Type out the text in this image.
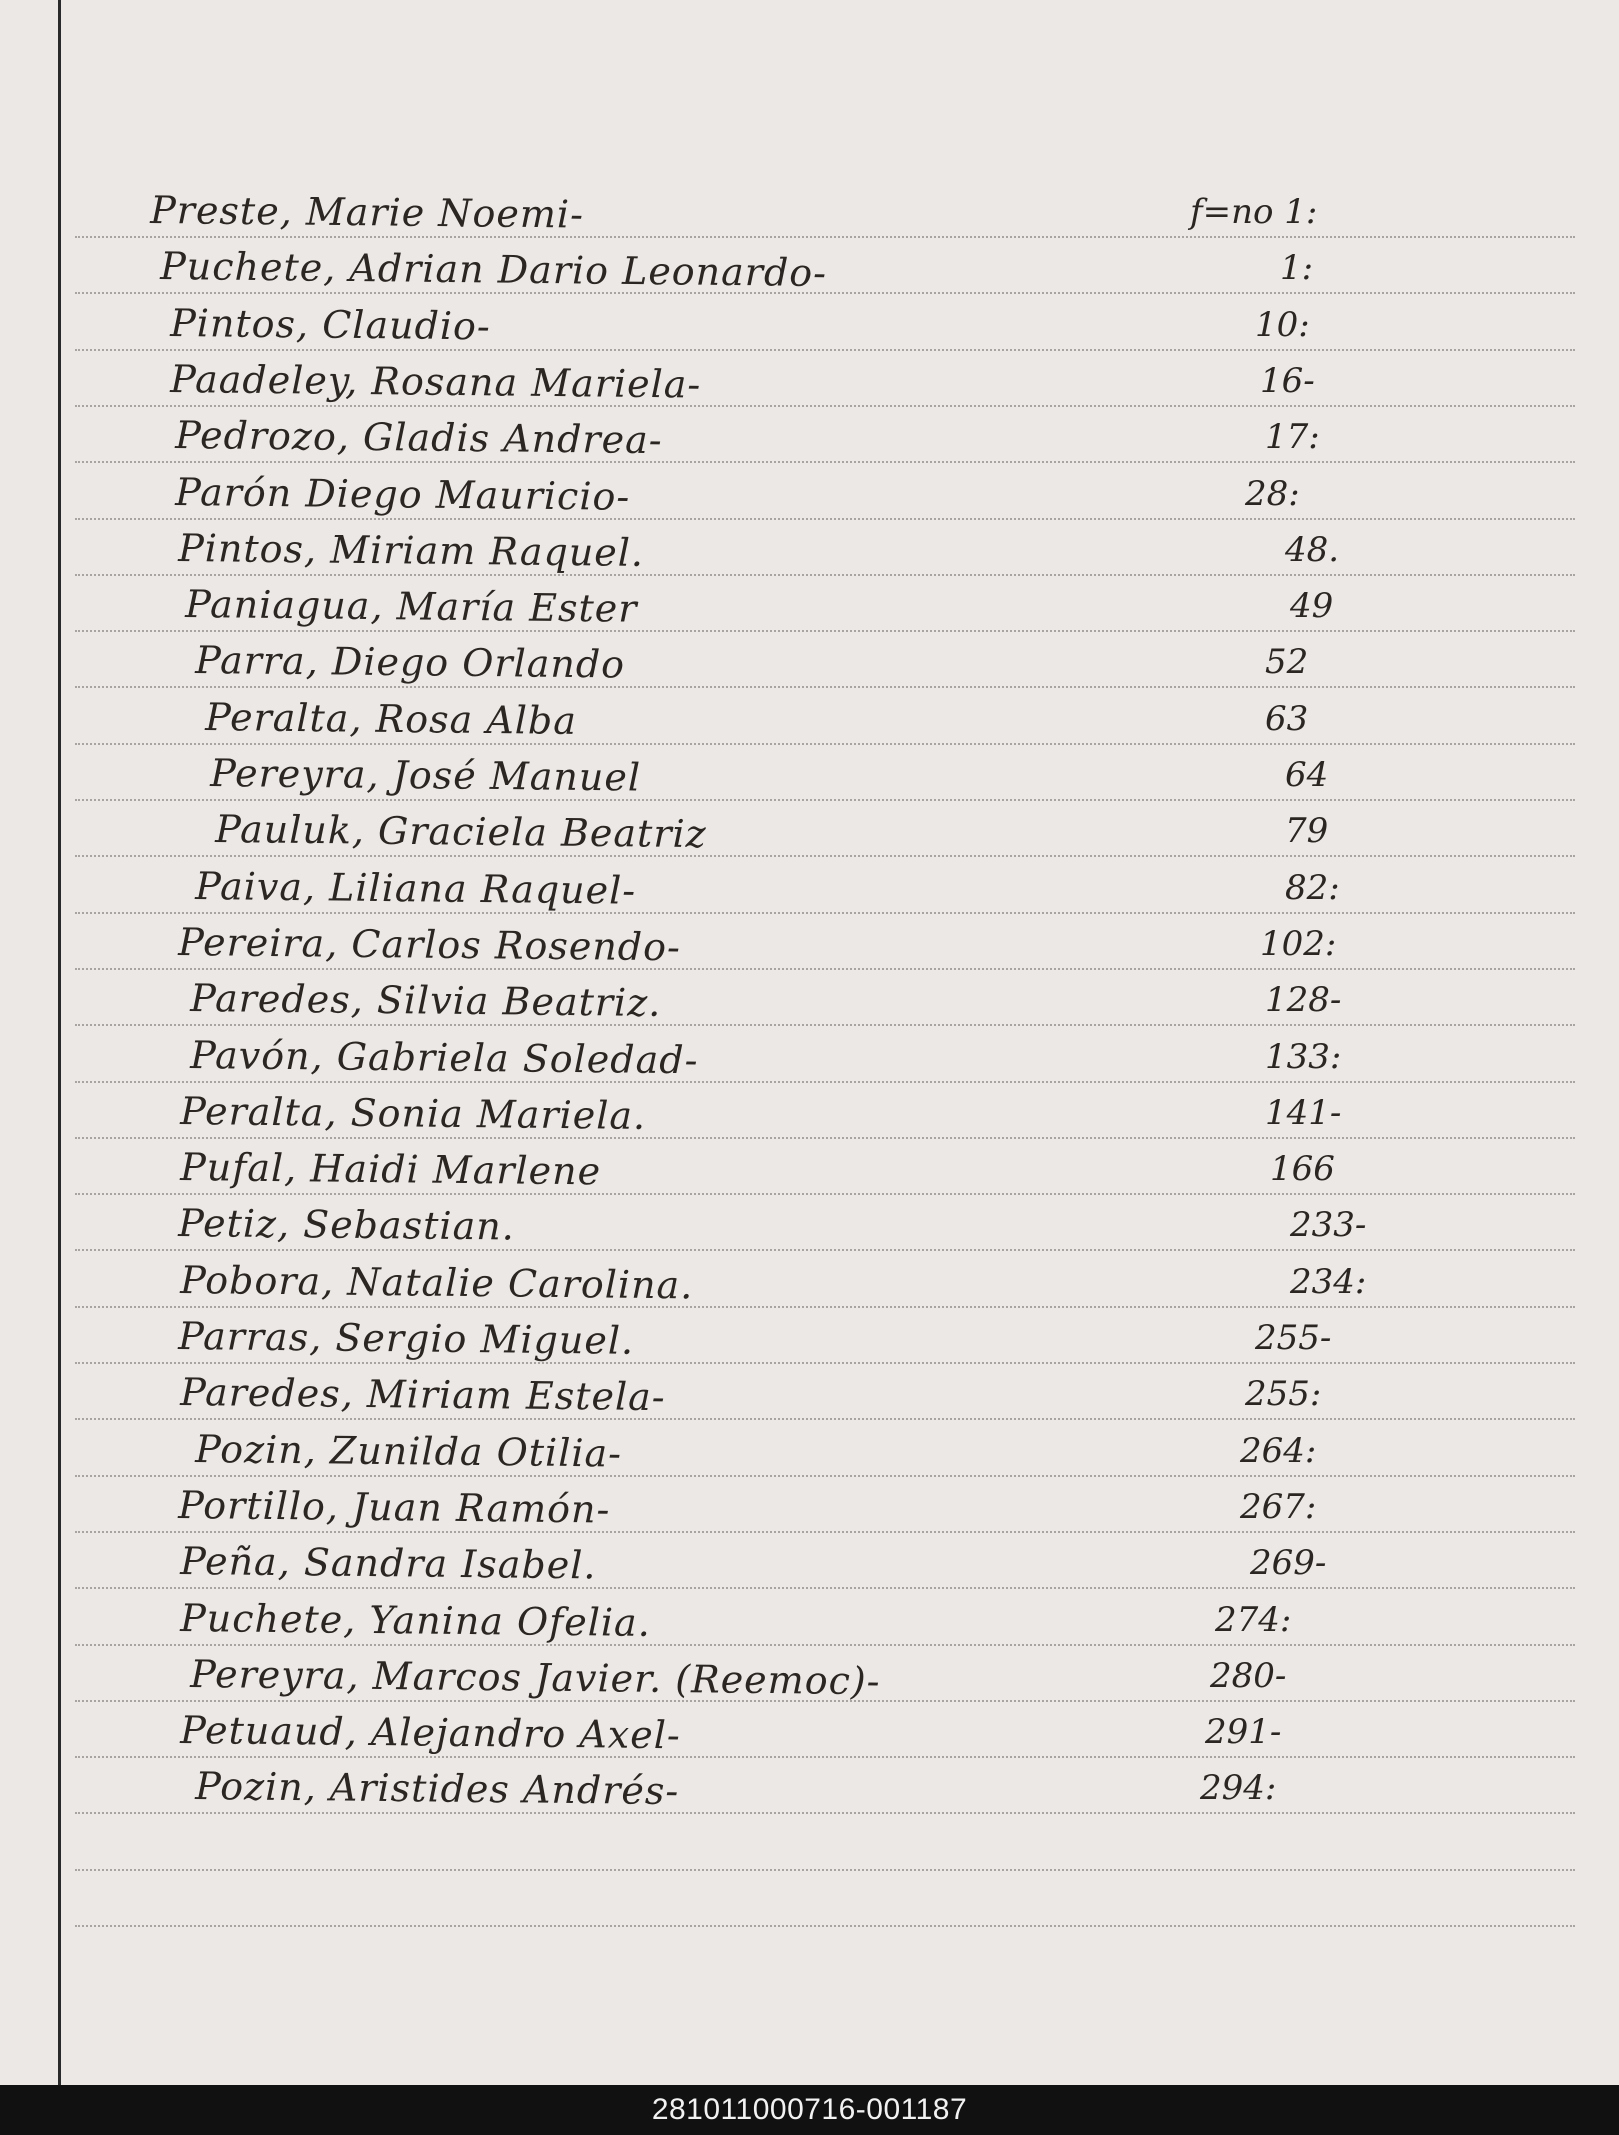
Preste, Marie Noemi-	f=no 1:
Puchete, Adrian Dario Leonardo-	1:
Pintos, Claudio-	10:
Paadeley, Rosana Mariela-	16-
Pedrozo, Gladis Andrea-	17:
Parón Diego Mauricio-	28:
Pintos, Miriam Raquel.	48.
Paniagua, María Ester	49
Parra, Diego Orlando	52
Peralta, Rosa Alba	63
Pereyra, José Manuel	64
Pauluk, Graciela Beatriz	79
Paiva, Liliana Raquel-	82:
Pereira, Carlos Rosendo-	102:
Paredes, Silvia Beatriz.	128-
Pavón, Gabriela Soledad-	133:
Peralta, Sonia Mariela.	141-
Pufal, Haidi Marlene	166
Petiz, Sebastian.	233-
Pobora, Natalie Carolina.	234:
Parras, Sergio Miguel.	255-
Paredes, Miriam Estela-	255:
Pozin, Zunilda Otilia-	264:
Portillo, Juan Ramón-	267:
Peña, Sandra Isabel.	269-
Puchete, Yanina Ofelia.	274:
Pereyra, Marcos Javier. (Reemoc)-	280-
Petuaud, Alejandro Axel-	291-
Pozin, Aristides Andrés-	294:
281011000716-001187
